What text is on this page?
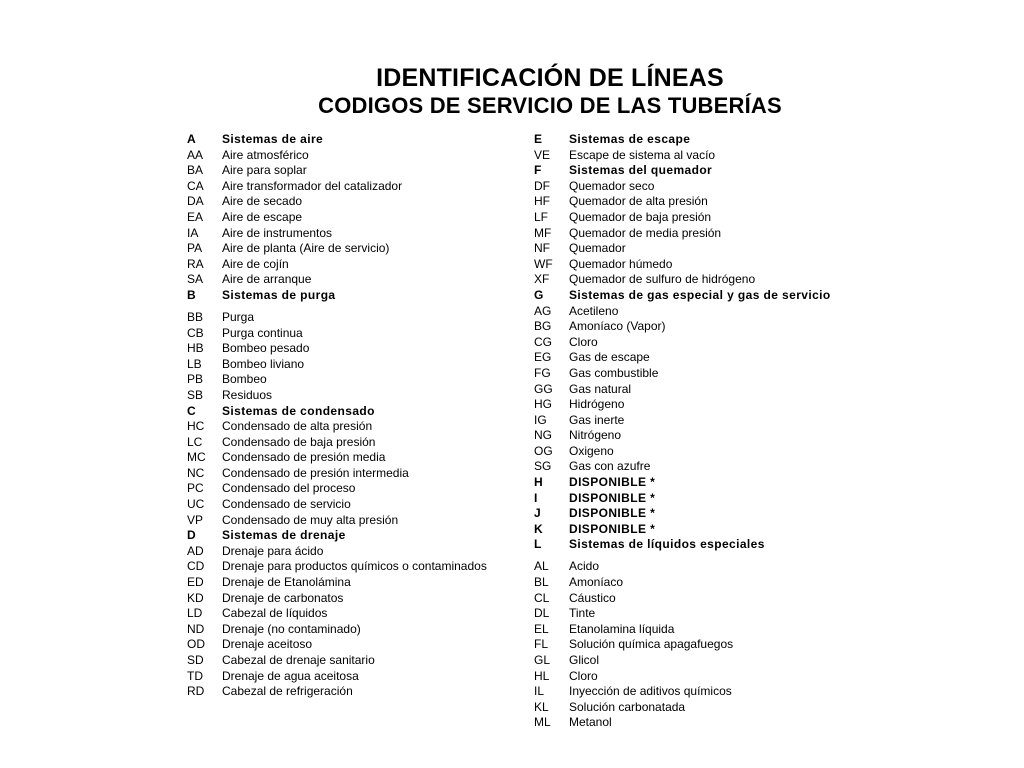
IDENTIFICACIÓN DE LÍNEAS
CODIGOS DE SERVICIO DE LAS TUBERÍAS
A	Sistemas de aire
AA	Aire atmosférico
BA	Aire para soplar
CA	Aire transformador del catalizador
DA	Aire de secado
EA	Aire de escape
IA	Aire de instrumentos
PA	Aire de planta (Aire de servicio)
RA	Aire de cojín
SA	Aire de arranque
B	Sistemas de purga
BB	Purga
CB	Purga continua
HB	Bombeo pesado
LB	Bombeo liviano
PB	Bombeo
SB	Residuos
C	Sistemas de condensado
HC	Condensado de alta presión
LC	Condensado de baja presión
MC	Condensado de presión media
NC	Condensado de presión intermedia
PC	Condensado del proceso
UC	Condensado de servicio
VP	Condensado de muy alta presión
D	Sistemas de drenaje
AD	Drenaje para ácido
CD	Drenaje para productos químicos o contaminados
ED	Drenaje de Etanolámina
KD	Drenaje de carbonatos
LD	Cabezal de líquidos
ND	Drenaje (no contaminado)
OD	Drenaje aceitoso
SD	Cabezal de drenaje sanitario
TD	Drenaje de agua aceitosa
RD	Cabezal de refrigeración
E	Sistemas de escape
VE	Escape de sistema al vacío
F	Sistemas del quemador
DF	Quemador seco
HF	Quemador de alta presión
LF	Quemador de baja presión
MF	Quemador de media presión
NF	Quemador
WF	Quemador húmedo
XF	Quemador de sulfuro de hidrógeno
G	Sistemas de gas especial y gas de servicio
AG	Acetileno
BG	Amoníaco (Vapor)
CG	Cloro
EG	Gas de escape
FG	Gas combustible
GG	Gas natural
HG	Hidrógeno
IG	Gas inerte
NG	Nitrógeno
OG	Oxigeno
SG	Gas con azufre
H	DISPONIBLE *
I	DISPONIBLE *
J	DISPONIBLE *
K	DISPONIBLE *
L	Sistemas de líquidos especiales
AL	Acido
BL	Amoníaco
CL	Cáustico
DL	Tinte
EL	Etanolamina líquida
FL	Solución química apagafuegos
GL	Glicol
HL	Cloro
IL	Inyección de aditivos químicos
KL	Solución carbonatada
ML	Metanol
